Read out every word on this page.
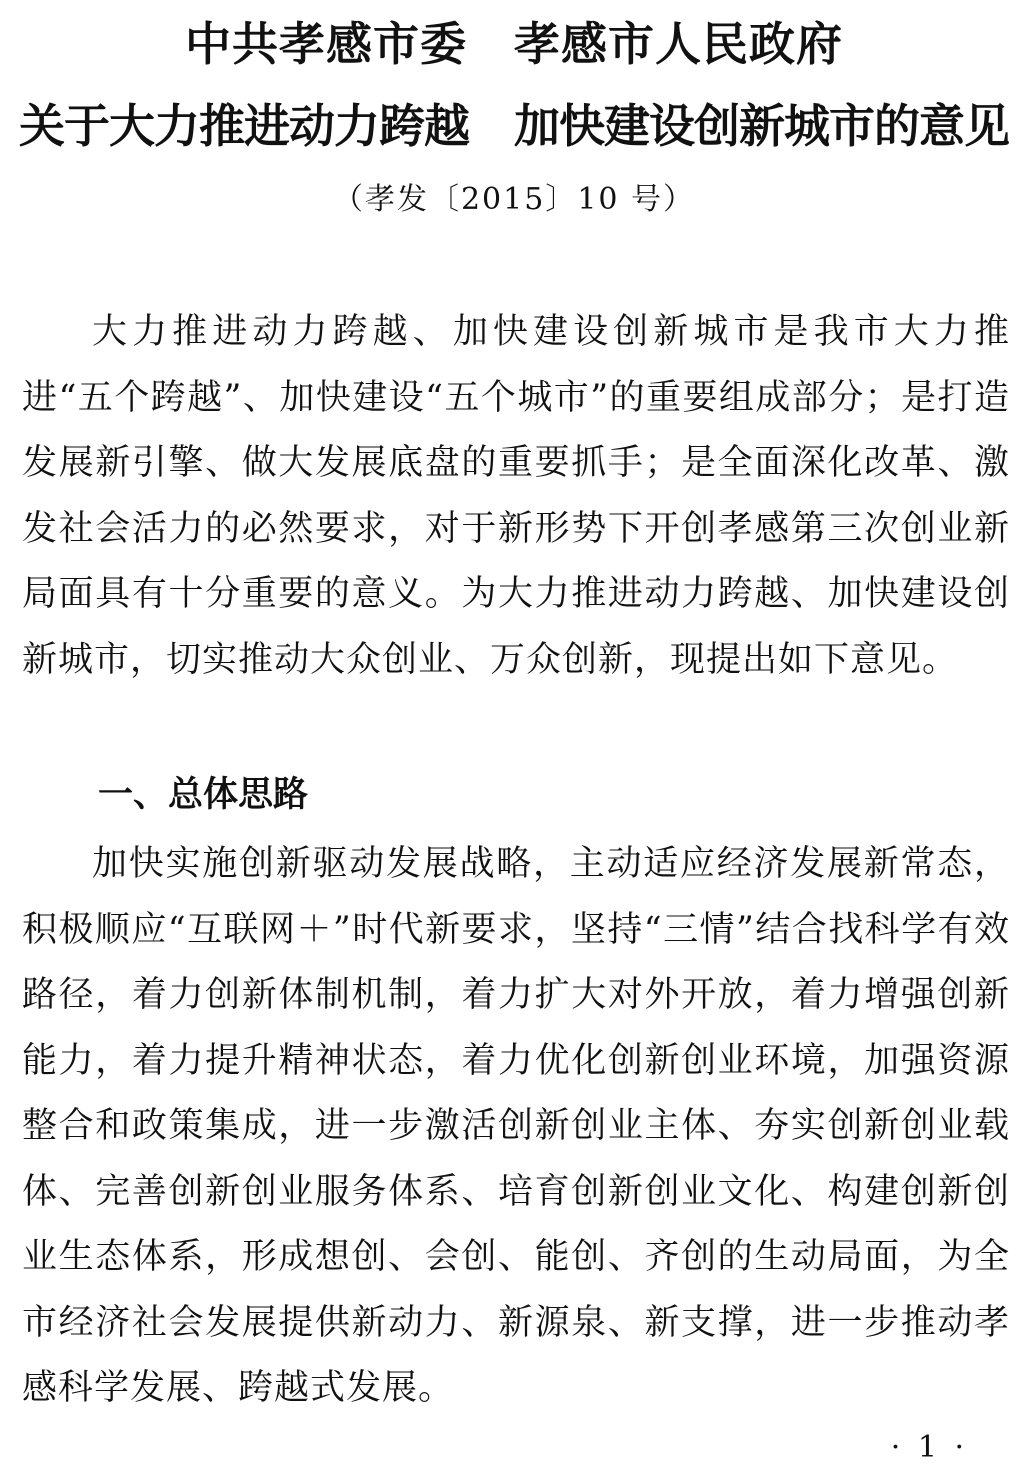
中共孝感市委　孝感市人民政府
关于大力推进动力跨越　加快建设创新城市的意见
（孝发〔2015〕10 号）

大力推进动力跨越、加快建设创新城市是我市大力推进“五个跨越”、加快建设“五个城市”的重要组成部分；是打造发展新引擎、做大发展底盘的重要抓手；是全面深化改革、激发社会活力的必然要求，对于新形势下开创孝感第三次创业新局面具有十分重要的意义。为大力推进动力跨越、加快建设创新城市，切实推动大众创业、万众创新，现提出如下意见。

一、总体思路

加快实施创新驱动发展战略，主动适应经济发展新常态，积极顺应“互联网＋”时代新要求，坚持“三情”结合找科学有效路径，着力创新体制机制，着力扩大对外开放，着力增强创新能力，着力提升精神状态，着力优化创新创业环境，加强资源整合和政策集成，进一步激活创新创业主体、夯实创新创业载体、完善创新创业服务体系、培育创新创业文化、构建创新创业生态体系，形成想创、会创、能创、齐创的生动局面，为全市经济社会发展提供新动力、新源泉、新支撑，进一步推动孝感科学发展、跨越式发展。

· 1 ·
